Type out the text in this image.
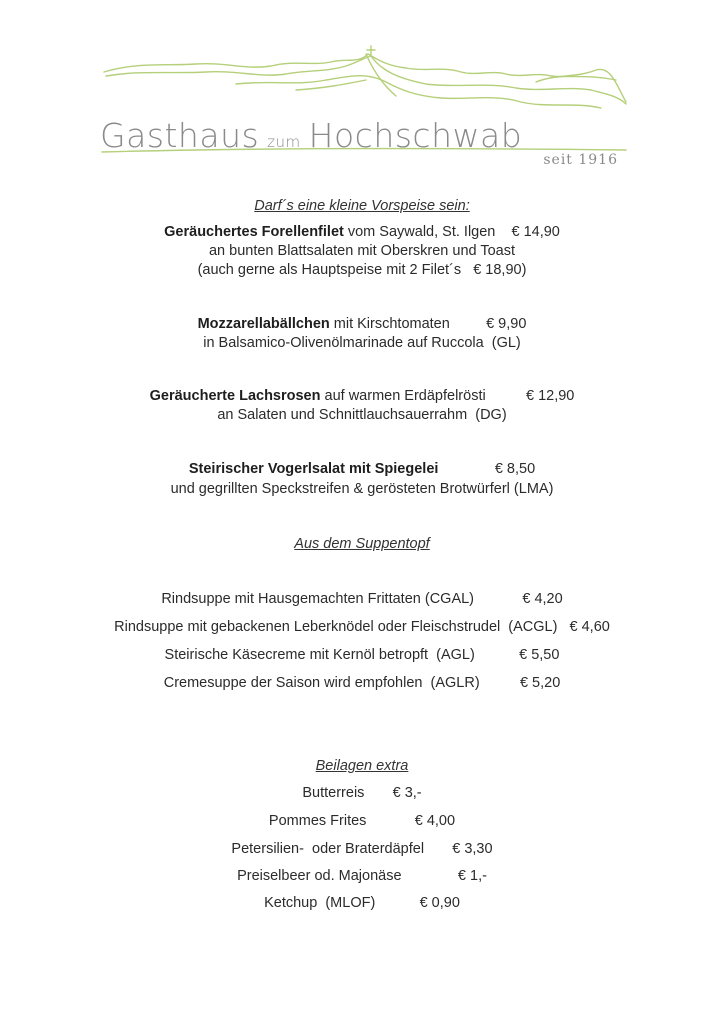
Gasthaus zum Hochschwab
seit 1916
Darf´s eine kleine Vorspeise sein:
Geräuchertes Forellenfilet vom Saywald, St. Ilgen    € 14,90
an bunten Blattsalaten mit Oberskren und Toast
(auch gerne als Hauptspeise mit 2 Filet´s   € 18,90)
Mozzarellabällchen mit Kirschtomaten         € 9,90
in Balsamico-Olivenölmarinade auf Ruccola  (GL)
Geräucherte Lachsrosen auf warmen Erdäpfelrösti          € 12,90
an Salaten und Schnittlauchsauerrahm  (DG)
Steirischer Vogerlsalat mit Spiegelei              € 8,50
und gegrillten Speckstreifen & gerösteten Brotwürferl (LMA)
Aus dem Suppentopf
Rindsuppe mit Hausgemachten Frittaten (CGAL)            € 4,20
Rindsuppe mit gebackenen Leberknödel oder Fleischstrudel  (ACGL)   € 4,60
Steirische Käsecreme mit Kernöl betropft  (AGL)           € 5,50
Cremesuppe der Saison wird empfohlen  (AGLR)          € 5,20
Beilagen extra
Butterreis       € 3,-
Pommes Frites            € 4,00
Petersilien-  oder Braterdäpfel       € 3,30
Preiselbeer od. Majonäse              € 1,-
Ketchup  (MLOF)           € 0,90
